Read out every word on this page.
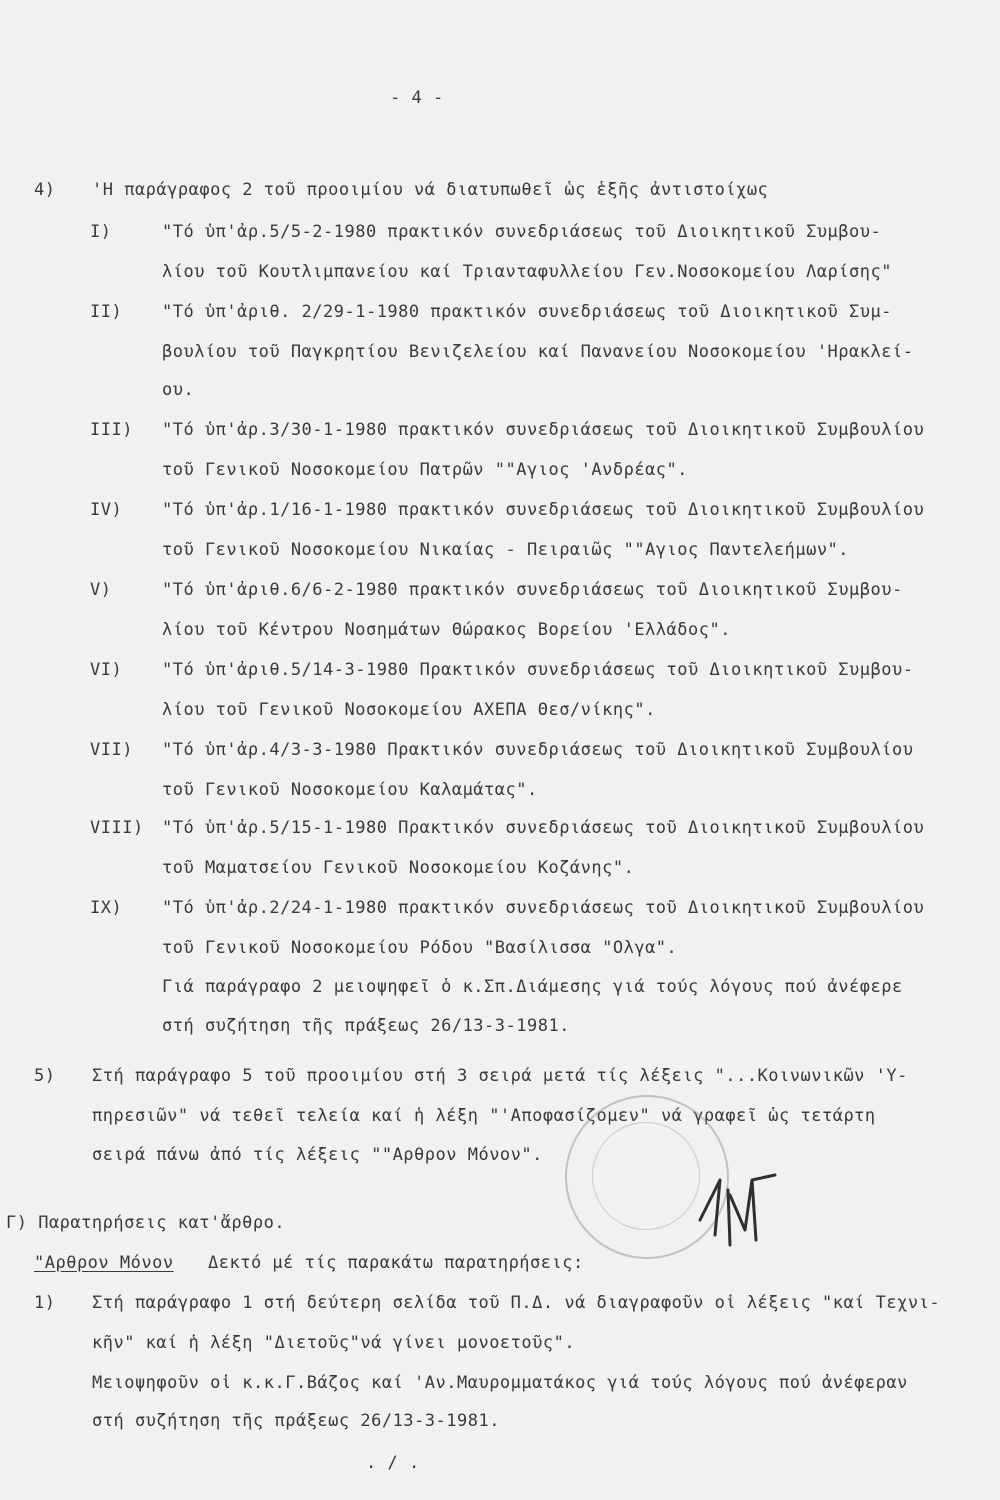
- 4 -
4) 'Η παράγραφος 2 τοῦ προοιμίου νά διατυπωθεῖ ὡς ἑξῆς ἀντιστοίχως
I)	"Τό ὑπ'ἀρ.5/5-2-1980 πρακτικόν συνεδριάσεως τοῦ Διοικητικοῦ Συμβου-
λίου τοῦ Κουτλιμπανείου καί Τριανταφυλλείου Γεν.Νοσοκομείου Λαρίσης"
II) "Τό ὑπ'ἀριθ. 2/29-1-1980 πρακτικόν συνεδριάσεως τοῦ Διοικητικοῦ Συμ-
βουλίου τοῦ Παγκρητίου Βενιζελείου καί Πανανείου Νοσοκομείου 'Ηρακλεί-
ου.
III) "Τό ὑπ'ἀρ.3/30-1-1980 πρακτικόν συνεδριάσεως τοῦ Διοικητικοῦ Συμβουλίου
τοῦ Γενικοῦ Νοσοκομείου Πατρῶν ""Αγιος 'Ανδρέας".
IV) "Τό ὑπ'ἀρ.1/16-1-1980 πρακτικόν συνεδριάσεως τοῦ Διοικητικοῦ Συμβουλίου
τοῦ Γενικοῦ Νοσοκομείου Νικαίας - Πειραιῶς ""Αγιος Παντελεήμων".
V)	"Τό ὑπ'ἀριθ.6/6-2-1980 πρακτικόν συνεδριάσεως τοῦ Διοικητικοῦ Συμβου-
λίου τοῦ Κέντρου Νοσημάτων Θώρακος Βορείου 'Ελλάδος".
VI) "Τό ὑπ'ἀριθ.5/14-3-1980 Πρακτικόν συνεδριάσεως τοῦ Διοικητικοῦ Συμβου-
λίου τοῦ Γενικοῦ Νοσοκομείου ΑΧΕΠΑ Θεσ/νίκης".
VII) "Τό ὑπ'ἀρ.4/3-3-1980 Πρακτικόν συνεδριάσεως τοῦ Διοικητικοῦ Συμβουλίου
τοῦ Γενικοῦ Νοσοκομείου Καλαμάτας".
VIII) "Τό ὑπ'ἀρ.5/15-1-1980 Πρακτικόν συνεδριάσεως τοῦ Διοικητικοῦ Συμβουλίου
τοῦ Μαματσείου Γενικοῦ Νοσοκομείου Κοζάνης".
IX) "Τό ὑπ'ἀρ.2/24-1-1980 πρακτικόν συνεδριάσεως τοῦ Διοικητικοῦ Συμβουλίου
τοῦ Γενικοῦ Νοσοκομείου Ρόδου "Βασίλισσα "Ολγα".
Γιά παράγραφο 2 μειοψηφεῖ ὁ κ.Σπ.Διάμεσης γιά τούς λόγους πού ἀνέφερε
στή συζήτηση τῆς πράξεως 26/13-3-1981.
5) Στή παράγραφο 5 τοῦ προοιμίου στή 3 σειρά μετά τίς λέξεις "...Κοινωνικῶν 'Υ-
πηρεσιῶν" νά τεθεῖ τελεία καί ἡ λέξη "'Αποφασίζομεν" νά γραφεῖ ὡς τετάρτη
σειρά πάνω ἀπό τίς λέξεις ""Αρθρον Μόνον".
Γ) Παρατηρήσεις κατ'ἄρθρο.
"Αρθρον Μόνον Δεκτό μέ τίς παρακάτω παρατηρήσεις:
1) Στή παράγραφο 1 στή δεύτερη σελίδα τοῦ Π.Δ. νά διαγραφοῦν οἱ λέξεις "καί Τεχνι-
κῆν" καί ἡ λέξη "Διετοῦς"νά γίνει μονοετοῦς".
Μειοψηφοῦν οἱ κ.κ.Γ.Βάζος καί 'Αν.Μαυρομματάκος γιά τούς λόγους πού ἀνέφεραν
στή συζήτηση τῆς πράξεως 26/13-3-1981.
. / .
